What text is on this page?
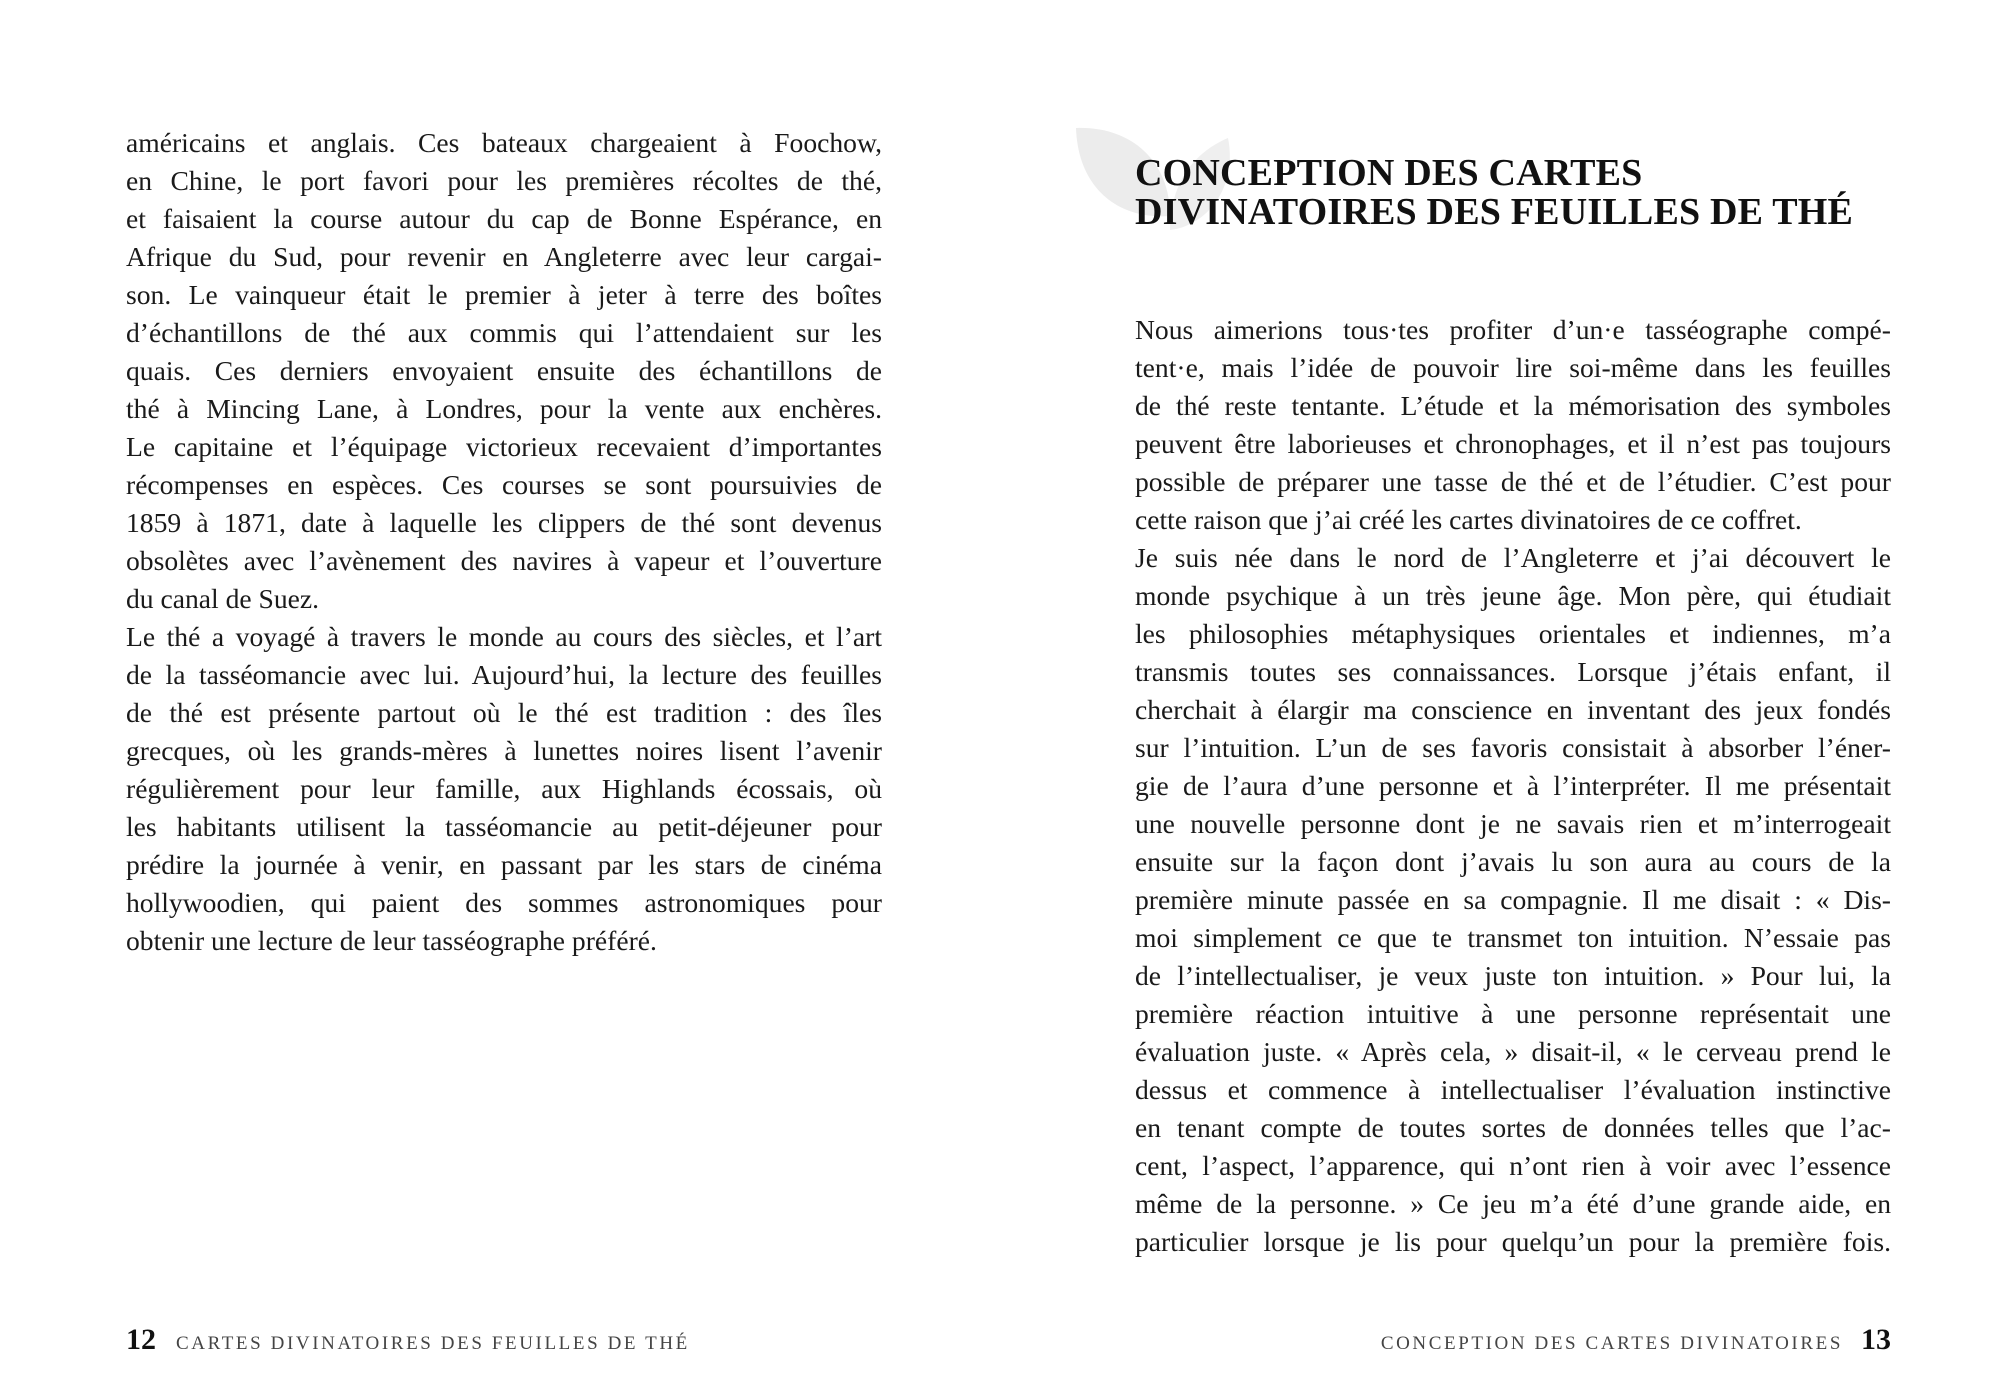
américains et anglais. Ces bateaux chargeaient à Foochow,
en Chine, le port favori pour les premières récoltes de thé,
et faisaient la course autour du cap de Bonne Espérance, en
Afrique du Sud, pour revenir en Angleterre avec leur cargai-
son. Le vainqueur était le premier à jeter à terre des boîtes
d’échantillons de thé aux commis qui l’attendaient sur les
quais. Ces derniers envoyaient ensuite des échantillons de
thé à Mincing Lane, à Londres, pour la vente aux enchères.
Le capitaine et l’équipage victorieux recevaient d’importantes
récompenses en espèces. Ces courses se sont poursuivies de
1859 à 1871, date à laquelle les clippers de thé sont devenus
obsolètes avec l’avènement des navires à vapeur et l’ouverture
du canal de Suez.

Le thé a voyagé à travers le monde au cours des siècles, et l’art
de la tasséomancie avec lui. Aujourd’hui, la lecture des feuilles
de thé est présente partout où le thé est tradition : des îles
grecques, où les grands-mères à lunettes noires lisent l’avenir
régulièrement pour leur famille, aux Highlands écossais, où
les habitants utilisent la tasséomancie au petit-déjeuner pour
prédire la journée à venir, en passant par les stars de cinéma
hollywoodien, qui paient des sommes astronomiques pour
obtenir une lecture de leur tasséographe préféré.

12 CARTES DIVINATOIRES DES FEUILLES DE THÉ
CONCEPTION DES CARTES
DIVINATOIRES DES FEUILLES DE THÉ

Nous aimerions tous·tes profiter d’un·e tasséographe compé-
tent·e, mais l’idée de pouvoir lire soi-même dans les feuilles
de thé reste tentante. L’étude et la mémorisation des symboles
peuvent être laborieuses et chronophages, et il n’est pas toujours
possible de préparer une tasse de thé et de l’étudier. C’est pour
cette raison que j’ai créé les cartes divinatoires de ce coffret.

Je suis née dans le nord de l’Angleterre et j’ai découvert le
monde psychique à un très jeune âge. Mon père, qui étudiait
les philosophies métaphysiques orientales et indiennes, m’a
transmis toutes ses connaissances. Lorsque j’étais enfant, il
cherchait à élargir ma conscience en inventant des jeux fondés
sur l’intuition. L’un de ses favoris consistait à absorber l’éner-
gie de l’aura d’une personne et à l’interpréter. Il me présentait
une nouvelle personne dont je ne savais rien et m’interrogeait
ensuite sur la façon dont j’avais lu son aura au cours de la
première minute passée en sa compagnie. Il me disait : « Dis-
moi simplement ce que te transmet ton intuition. N’essaie pas
de l’intellectualiser, je veux juste ton intuition. » Pour lui, la
première réaction intuitive à une personne représentait une
évaluation juste. « Après cela, » disait-il, « le cerveau prend le
dessus et commence à intellectualiser l’évaluation instinctive
en tenant compte de toutes sortes de données telles que l’ac-
cent, l’aspect, l’apparence, qui n’ont rien à voir avec l’essence
même de la personne. » Ce jeu m’a été d’une grande aide, en
particulier lorsque je lis pour quelqu’un pour la première fois.

CONCEPTION DES CARTES DIVINATOIRES 13
